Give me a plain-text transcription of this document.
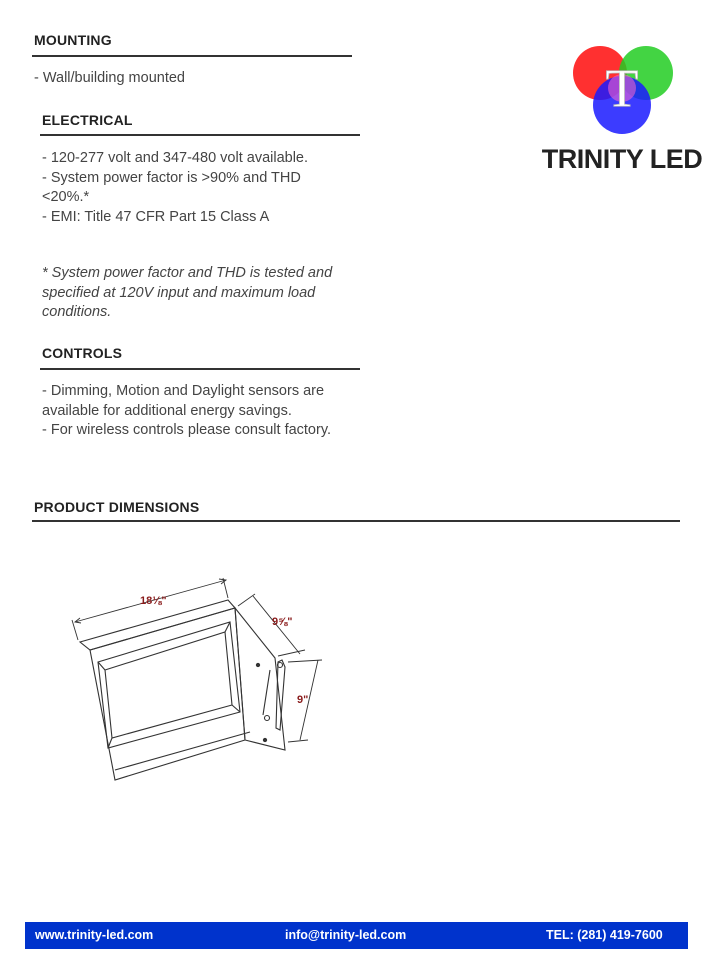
MOUNTING
- Wall/building mounted
ELECTRICAL
- 120-277 volt and 347-480 volt available.
- System power factor is >90% and THD <20%.*
- EMI: Title 47 CFR Part 15 Class A
* System power factor and THD is tested and specified at 120V input and maximum load conditions.
CONTROLS
- Dimming, Motion and Daylight sensors are available for additional energy savings.
- For wireless controls please consult factory.
PRODUCT DIMENSIONS
T
TRINITY LED
18⅛"
9⅝"
9"
www.trinity-led.com	info@trinity-led.com	TEL: (281) 419-7600
